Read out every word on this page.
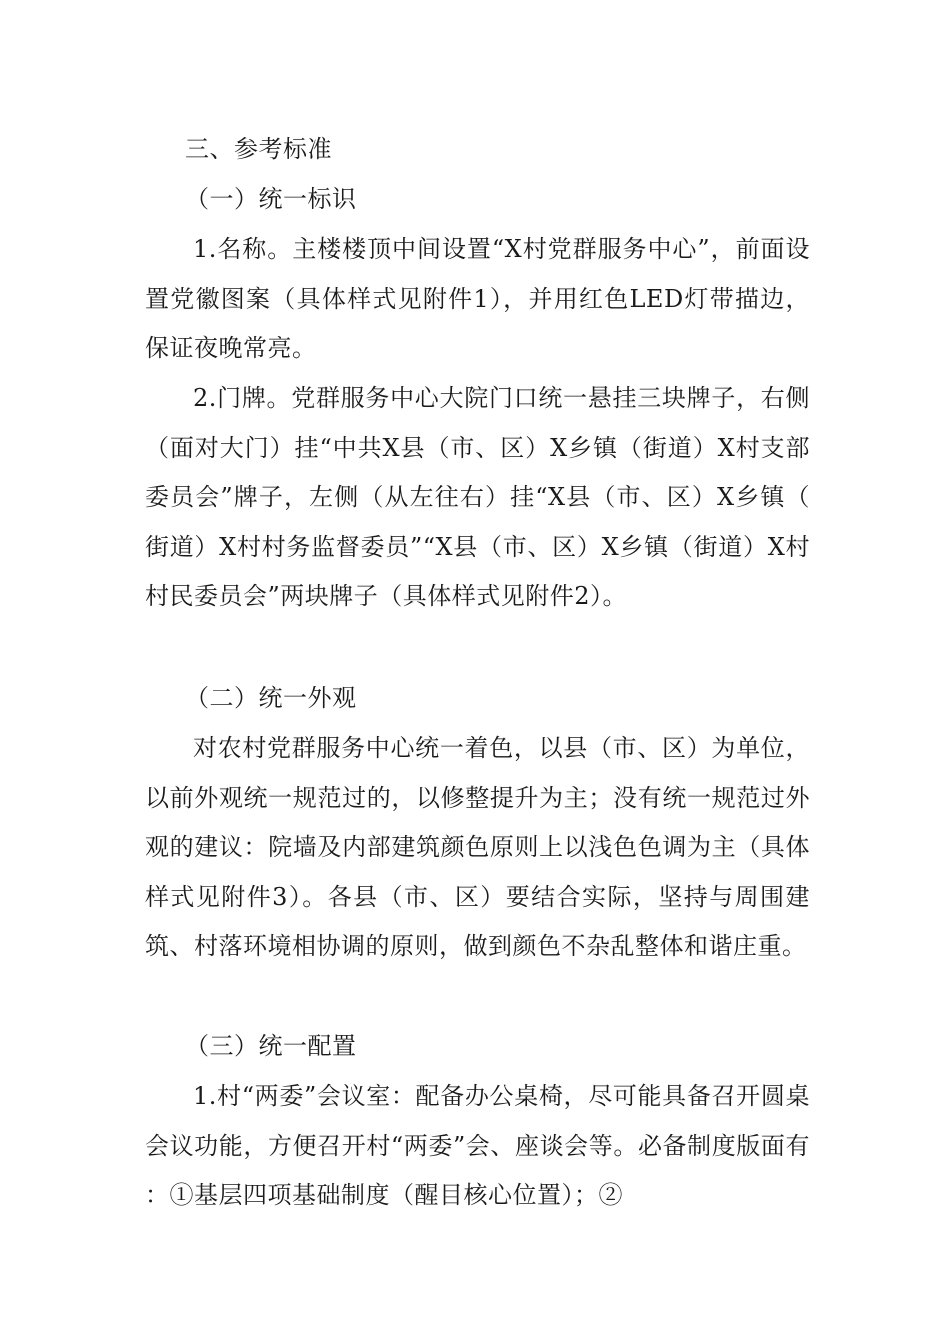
三、参考标准

（一）统一标识

1.名称。主楼楼顶中间设置“X村党群服务中心”，前面设置党徽图案（具体样式见附件1），并用红色LED灯带描边，保证夜晚常亮。

2.门牌。党群服务中心大院门口统一悬挂三块牌子，右侧（面对大门）挂“中共X县（市、区）X乡镇（街道）X村支部委员会”牌子，左侧（从左往右）挂“X县（市、区）X乡镇（街道）X村村务监督委员”“X县（市、区）X乡镇（街道）X村村民委员会”两块牌子（具体样式见附件2）。

（二）统一外观

对农村党群服务中心统一着色，以县（市、区）为单位，以前外观统一规范过的，以修整提升为主；没有统一规范过外观的建议：院墙及内部建筑颜色原则上以浅色色调为主（具体样式见附件3）。各县（市、区）要结合实际，坚持与周围建筑、村落环境相协调的原则，做到颜色不杂乱整体和谐庄重。

（三）统一配置

1.村“两委”会议室：配备办公桌椅，尽可能具备召开圆桌会议功能，方便召开村“两委”会、座谈会等。必备制度版面有：①基层四项基础制度（醒目核心位置）；②
